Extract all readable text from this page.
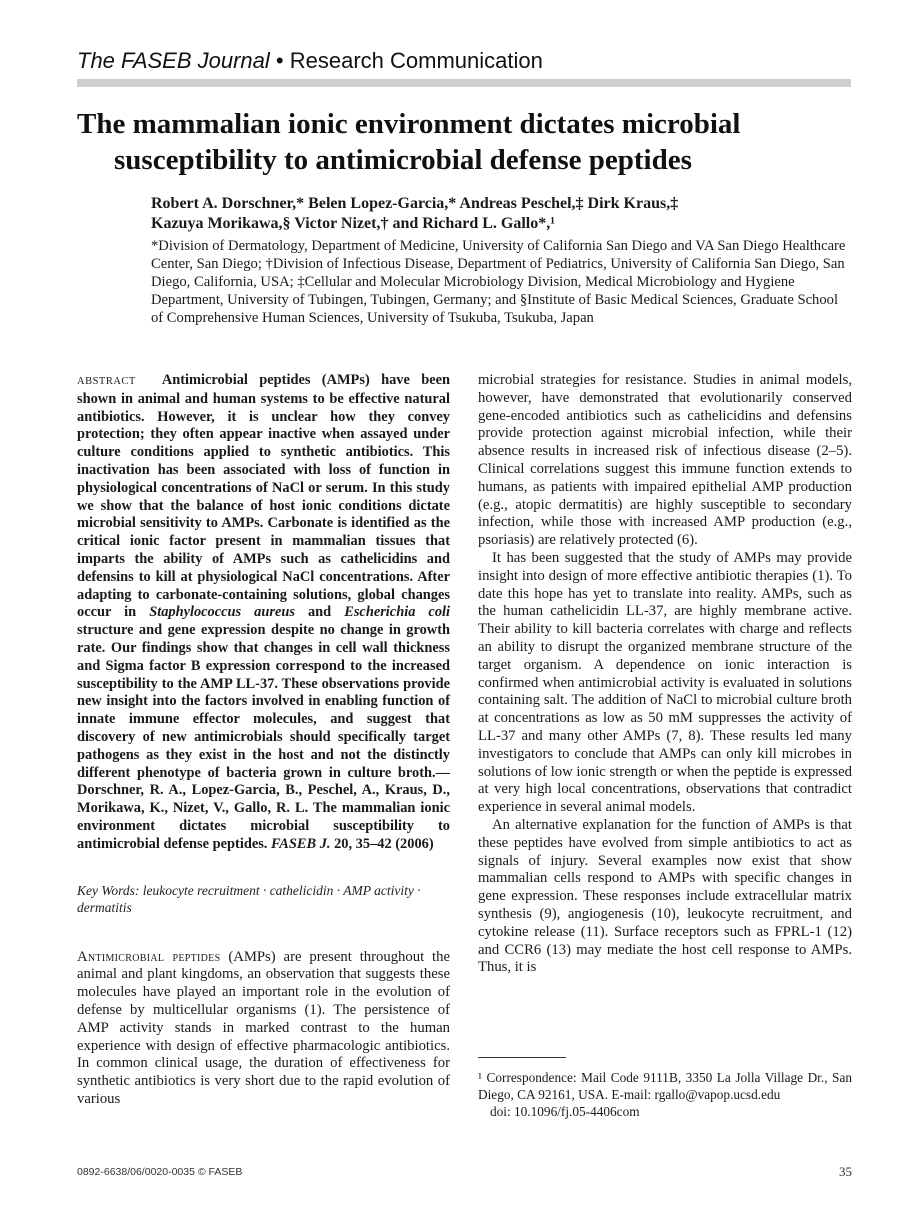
The FASEB Journal • Research Communication
The mammalian ionic environment dictates microbial
susceptibility to antimicrobial defense peptides
Robert A. Dorschner,* Belen Lopez-Garcia,* Andreas Peschel,‡ Dirk Kraus,‡
Kazuya Morikawa,§ Victor Nizet,† and Richard L. Gallo*,¹
*Division of Dermatology, Department of Medicine, University of California San Diego and VA San Diego Healthcare Center, San Diego; †Division of Infectious Disease, Department of Pediatrics, University of California San Diego, San Diego, California, USA; ‡Cellular and Molecular Microbiology Division, Medical Microbiology and Hygiene Department, University of Tubingen, Tubingen, Germany; and §Institute of Basic Medical Sciences, Graduate School of Comprehensive Human Sciences, University of Tsukuba, Tsukuba, Japan

ABSTRACT Antimicrobial peptides (AMPs) have been shown in animal and human systems to be effective natural antibiotics. However, it is unclear how they convey protection; they often appear inactive when assayed under culture conditions applied to synthetic antibiotics. This inactivation has been associated with loss of function in physiological concentrations of NaCl or serum. In this study we show that the balance of host ionic conditions dictate microbial sensitivity to AMPs. Carbonate is identified as the critical ionic factor present in mammalian tissues that imparts the ability of AMPs such as cathelicidins and defensins to kill at physiological NaCl concentrations. After adapting to carbonate-containing solutions, global changes occur in Staphylococcus aureus and Escherichia coli structure and gene expression despite no change in growth rate. Our findings show that changes in cell wall thickness and Sigma factor B expression correspond to the increased susceptibility to the AMP LL-37. These observations provide new insight into the factors involved in enabling function of innate immune effector molecules, and suggest that discovery of new antimicrobials should specifically target pathogens as they exist in the host and not the distinctly different phenotype of bacteria grown in culture broth.—Dorschner, R. A., Lopez-Garcia, B., Peschel, A., Kraus, D., Morikawa, K., Nizet, V., Gallo, R. L. The mammalian ionic environment dictates microbial susceptibility to antimicrobial defense peptides. FASEB J. 20, 35–42 (2006)

Key Words: leukocyte recruitment · cathelicidin · AMP activity · dermatitis

Antimicrobial peptides (AMPs) are present throughout the animal and plant kingdoms, an observation that suggests these molecules have played an important role in the evolution of defense by multicellular organisms (1). The persistence of AMP activity stands in marked contrast to the human experience with design of effective pharmacologic antibiotics. In common clinical usage, the duration of effectiveness for synthetic antibiotics is very short due to the rapid evolution of various

microbial strategies for resistance. Studies in animal models, however, have demonstrated that evolutionarily conserved gene-encoded antibiotics such as cathelicidins and defensins provide protection against microbial infection, while their absence results in increased risk of infectious disease (2–5). Clinical correlations suggest this immune function extends to humans, as patients with impaired epithelial AMP production (e.g., atopic dermatitis) are highly susceptible to secondary infection, while those with increased AMP production (e.g., psoriasis) are relatively protected (6).

It has been suggested that the study of AMPs may provide insight into design of more effective antibiotic therapies (1). To date this hope has yet to translate into reality. AMPs, such as the human cathelicidin LL-37, are highly membrane active. Their ability to kill bacteria correlates with charge and reflects an ability to disrupt the organized membrane structure of the target organism. A dependence on ionic interaction is confirmed when antimicrobial activity is evaluated in solutions containing salt. The addition of NaCl to microbial culture broth at concentrations as low as 50 mM suppresses the activity of LL-37 and many other AMPs (7, 8). These results led many investigators to conclude that AMPs can only kill microbes in solutions of low ionic strength or when the peptide is expressed at very high local concentrations, observations that contradict experience in several animal models.

An alternative explanation for the function of AMPs is that these peptides have evolved from simple antibiotics to act as signals of injury. Several examples now exist that show mammalian cells respond to AMPs with specific changes in gene expression. These responses include extracellular matrix synthesis (9), angiogenesis (10), leukocyte recruitment, and cytokine release (11). Surface receptors such as FPRL-1 (12) and CCR6 (13) may mediate the host cell response to AMPs. Thus, it is

¹ Correspondence: Mail Code 9111B, 3350 La Jolla Village Dr., San Diego, CA 92161, USA. E-mail: rgallo@vapop.ucsd.edu
doi: 10.1096/fj.05-4406com
0892-6638/06/0020-0035 © FASEB	35
